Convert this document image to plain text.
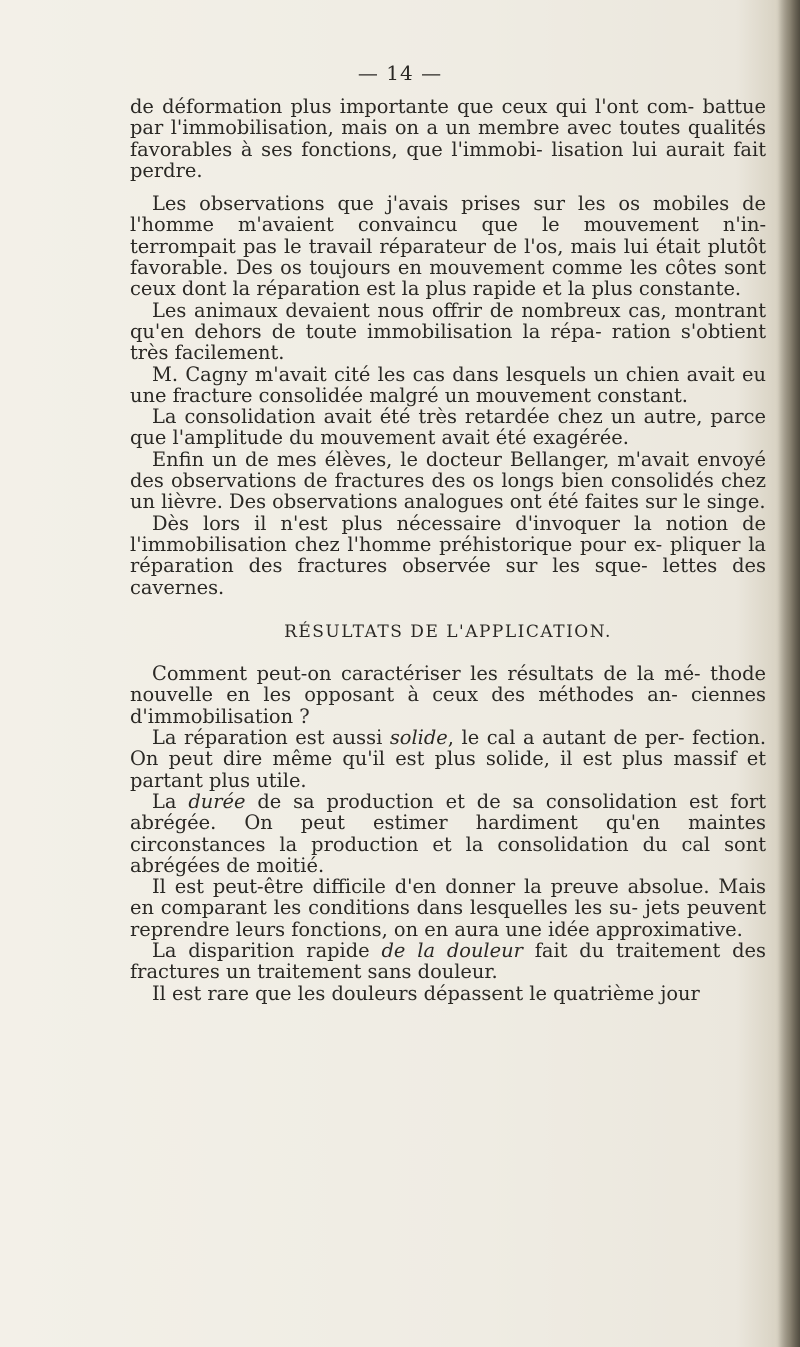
— 14 —

de déformation plus importante que ceux qui l'ont com- battue par l'immobilisation, mais on a un membre avec toutes qualités favorables à ses fonctions, que l'immobi- lisation lui aurait fait perdre.

Les observations que j'avais prises sur les os mobiles de l'homme m'avaient convaincu que le mouvement n'in- terrompait pas le travail réparateur de l'os, mais lui était plutôt favorable. Des os toujours en mouvement comme les côtes sont ceux dont la réparation est la plus rapide et la plus constante.

Les animaux devaient nous offrir de nombreux cas, montrant qu'en dehors de toute immobilisation la répa- ration s'obtient très facilement.

M. Cagny m'avait cité les cas dans lesquels un chien avait eu une fracture consolidée malgré un mouvement constant.

La consolidation avait été très retardée chez un autre, parce que l'amplitude du mouvement avait été exagérée.

Enfin un de mes élèves, le docteur Bellanger, m'avait envoyé des observations de fractures des os longs bien consolidés chez un lièvre. Des observations analogues ont été faites sur le singe.

Dès lors il n'est plus nécessaire d'invoquer la notion de l'immobilisation chez l'homme préhistorique pour ex- pliquer la réparation des fractures observée sur les sque- lettes des cavernes.

RÉSULTATS DE L'APPLICATION.

Comment peut-on caractériser les résultats de la mé- thode nouvelle en les opposant à ceux des méthodes an- ciennes d'immobilisation ?

La réparation est aussi solide, le cal a autant de per- fection. On peut dire même qu'il est plus solide, il est plus massif et partant plus utile.

La durée de sa production et de sa consolidation est fort abrégée. On peut estimer hardiment qu'en maintes circonstances la production et la consolidation du cal sont abrégées de moitié.

Il est peut-être difficile d'en donner la preuve absolue. Mais en comparant les conditions dans lesquelles les su- jets peuvent reprendre leurs fonctions, on en aura une idée approximative.

La disparition rapide de la douleur fait du traitement des fractures un traitement sans douleur.

Il est rare que les douleurs dépassent le quatrième jour
